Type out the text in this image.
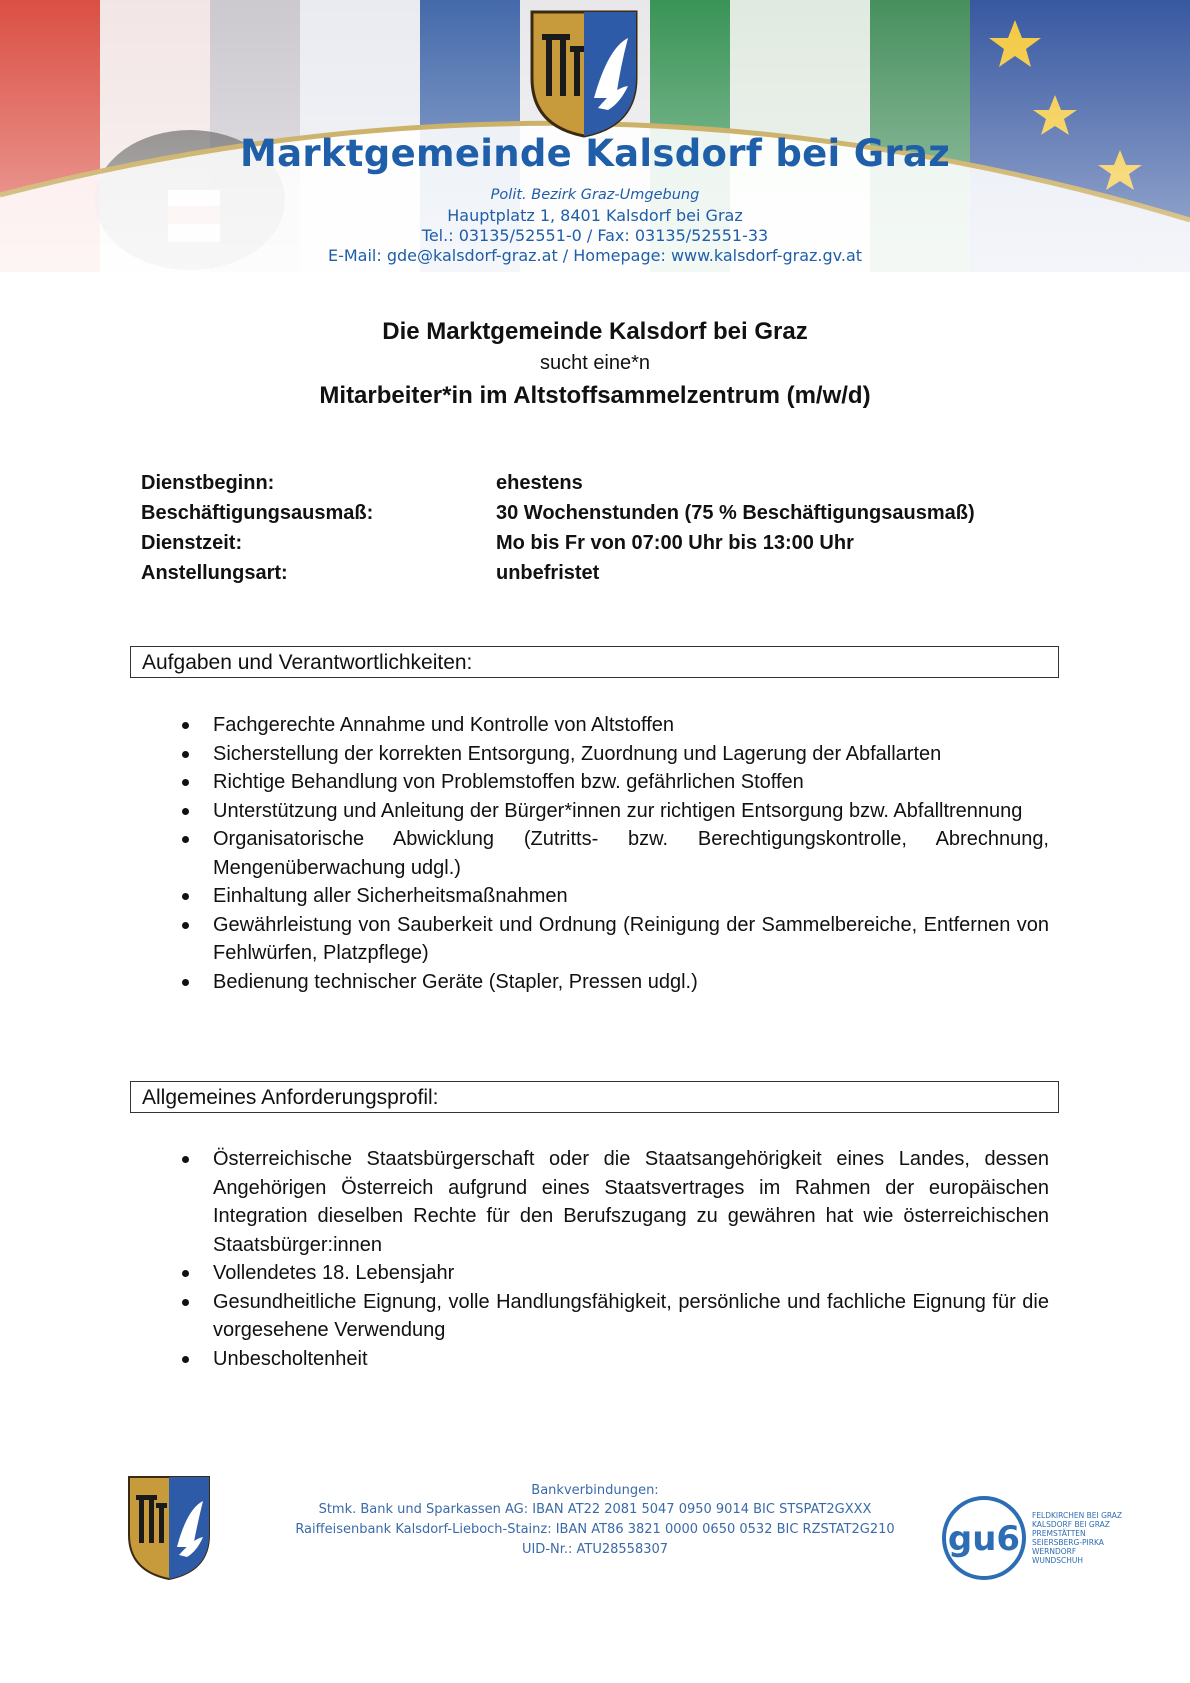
Marktgemeinde Kalsdorf bei Graz
Polit. Bezirk Graz-Umgebung
Hauptplatz 1, 8401 Kalsdorf bei Graz
Tel.: 03135/52551-0 / Fax: 03135/52551-33
E-Mail: gde@kalsdorf-graz.at / Homepage: www.kalsdorf-graz.gv.at
Die Marktgemeinde Kalsdorf bei Graz
sucht eine*n
Mitarbeiter*in im Altstoffsammelzentrum (m/w/d)
Dienstbeginn:	ehestens
Beschäftigungsausmaß:	30 Wochenstunden (75 % Beschäftigungsausmaß)
Dienstzeit:	Mo bis Fr von 07:00 Uhr bis 13:00 Uhr
Anstellungsart:	unbefristet
Aufgaben und Verantwortlichkeiten:
Fachgerechte Annahme und Kontrolle von Altstoffen
Sicherstellung der korrekten Entsorgung, Zuordnung und Lagerung der Abfallarten
Richtige Behandlung von Problemstoffen bzw. gefährlichen Stoffen
Unterstützung und Anleitung der Bürger*innen zur richtigen Entsorgung bzw. Abfalltrennung
Organisatorische Abwicklung (Zutritts- bzw. Berechtigungskontrolle, Abrechnung, Mengenüberwachung udgl.)
Einhaltung aller Sicherheitsmaßnahmen
Gewährleistung von Sauberkeit und Ordnung (Reinigung der Sammelbereiche, Entfernen von Fehlwürfen, Platzpflege)
Bedienung technischer Geräte (Stapler, Pressen udgl.)
Allgemeines Anforderungsprofil:
Österreichische Staatsbürgerschaft oder die Staatsangehörigkeit eines Landes, dessen Angehörigen Österreich aufgrund eines Staatsvertrages im Rahmen der europäischen Integration dieselben Rechte für den Berufszugang zu gewähren hat wie österreichischen Staatsbürger:innen
Vollendetes 18. Lebensjahr
Gesundheitliche Eignung, volle Handlungsfähigkeit, persönliche und fachliche Eignung für die vorgesehene Verwendung
Unbescholtenheit
Bankverbindungen:
Stmk. Bank und Sparkassen AG: IBAN AT22 2081 5047 0950 9014 BIC STSPAT2GXXX
Raiffeisenbank Kalsdorf-Lieboch-Stainz: IBAN AT86 3821 0000 0650 0532 BIC RZSTAT2G210
UID-Nr.: ATU28558307	gu6
FELDKIRCHEN BEI GRAZ
KALSDORF BEI GRAZ
PREMSTÄTTEN
SEIERSBERG-PIRKA
WERNDORF
WUNDSCHUH
